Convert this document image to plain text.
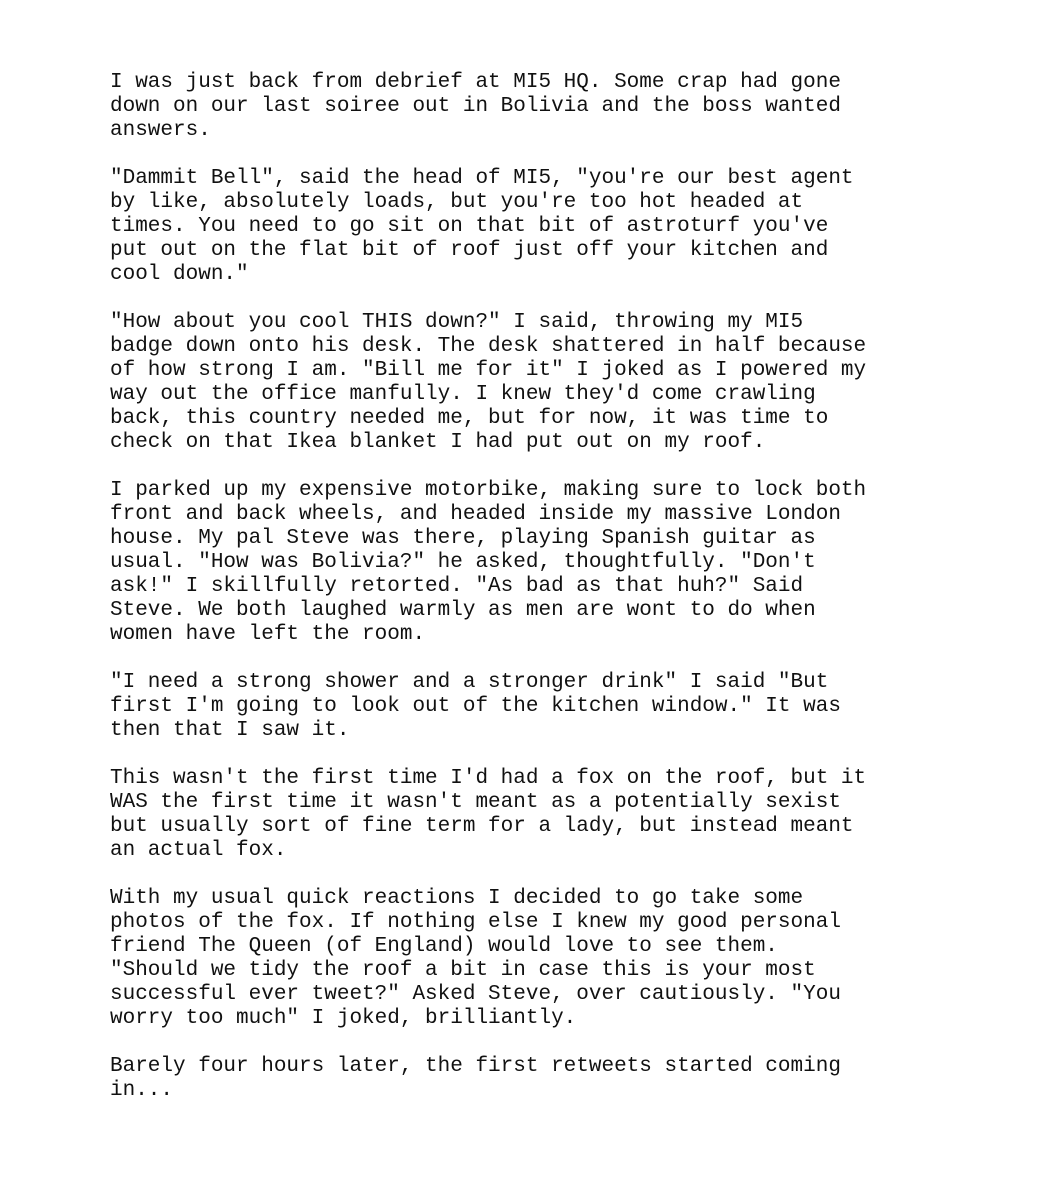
I was just back from debrief at MI5 HQ. Some crap had gone
down on our last soiree out in Bolivia and the boss wanted
answers.

"Dammit Bell", said the head of MI5, "you're our best agent
by like, absolutely loads, but you're too hot headed at
times. You need to go sit on that bit of astroturf you've
put out on the flat bit of roof just off your kitchen and
cool down."

"How about you cool THIS down?" I said, throwing my MI5
badge down onto his desk. The desk shattered in half because
of how strong I am. "Bill me for it" I joked as I powered my
way out the office manfully. I knew they'd come crawling
back, this country needed me, but for now, it was time to
check on that Ikea blanket I had put out on my roof.

I parked up my expensive motorbike, making sure to lock both
front and back wheels, and headed inside my massive London
house. My pal Steve was there, playing Spanish guitar as
usual. "How was Bolivia?" he asked, thoughtfully. "Don't
ask!" I skillfully retorted. "As bad as that huh?" Said
Steve. We both laughed warmly as men are wont to do when
women have left the room.

"I need a strong shower and a stronger drink" I said "But
first I'm going to look out of the kitchen window." It was
then that I saw it.

This wasn't the first time I'd had a fox on the roof, but it
WAS the first time it wasn't meant as a potentially sexist
but usually sort of fine term for a lady, but instead meant
an actual fox.

With my usual quick reactions I decided to go take some
photos of the fox. If nothing else I knew my good personal
friend The Queen (of England) would love to see them.
"Should we tidy the roof a bit in case this is your most
successful ever tweet?" Asked Steve, over cautiously. "You
worry too much" I joked, brilliantly.

Barely four hours later, the first retweets started coming
in...
